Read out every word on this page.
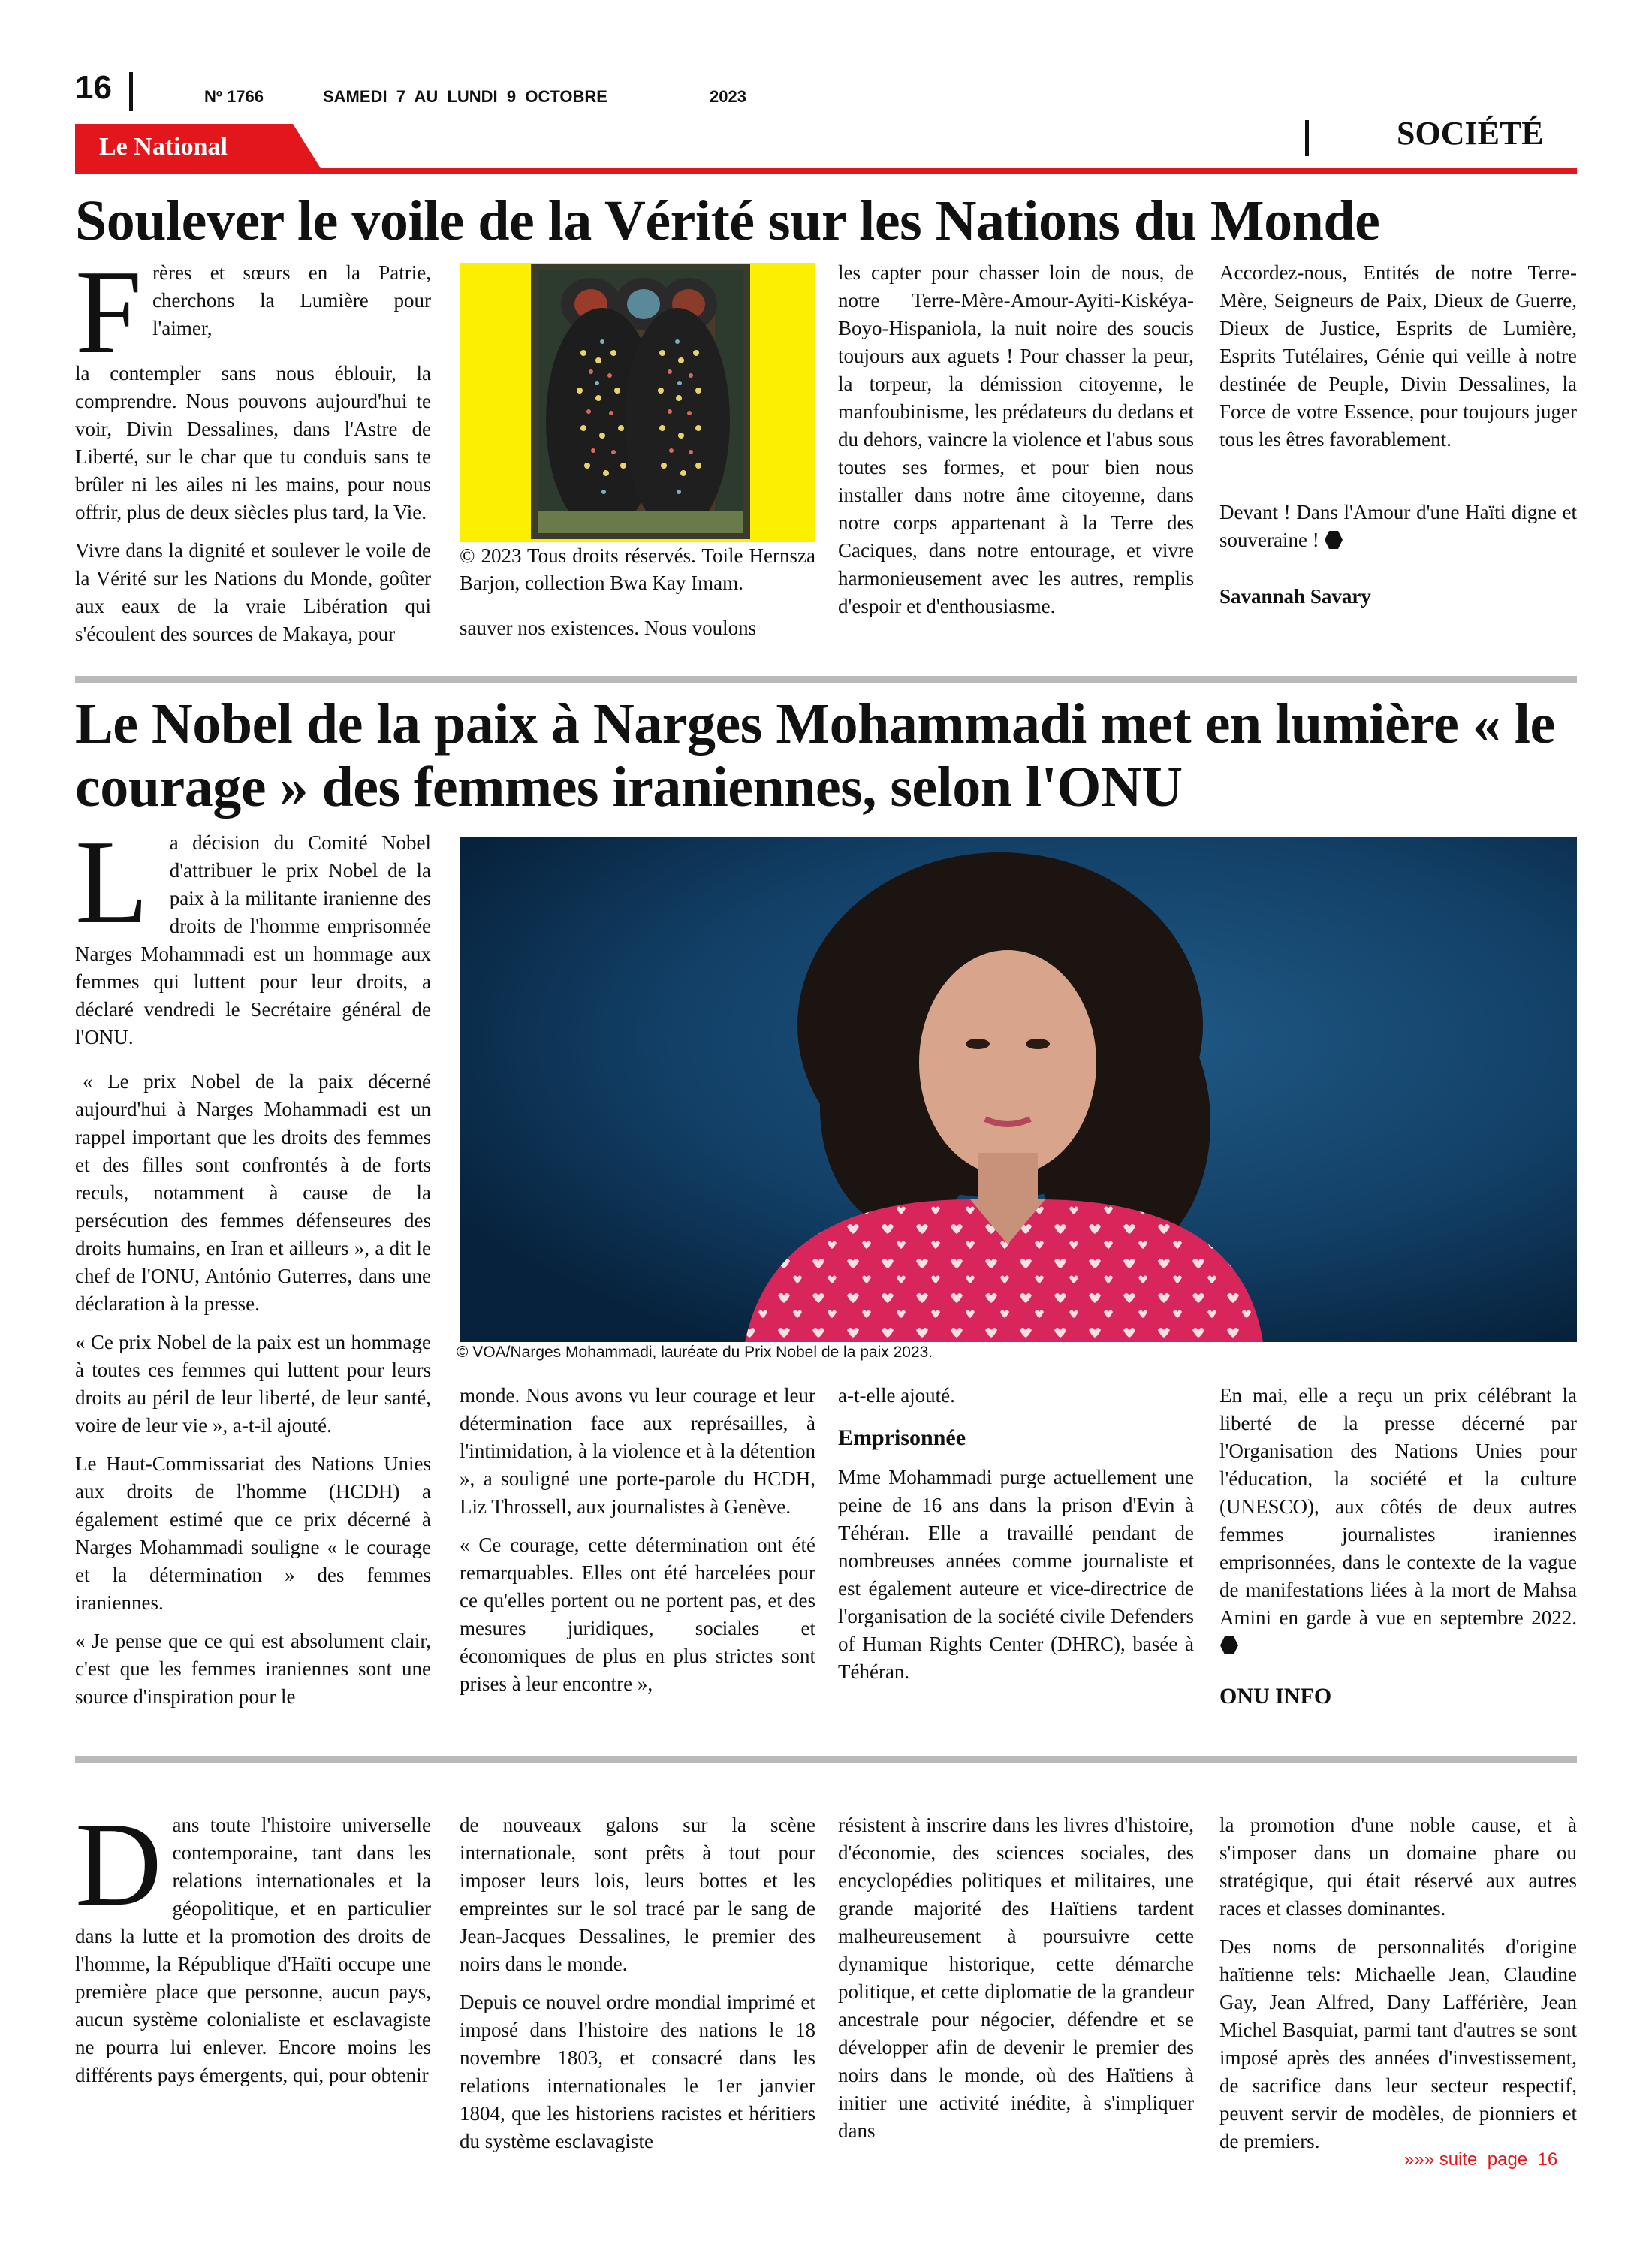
16	Nº 1766	SAMEDI  7  AU  LUNDI  9  OCTOBRE	2023
Le National	SOCIÉTÉ
Soulever le voile de la Vérité sur les Nations du Monde
F rères et sœurs en la Patrie, cherchons la Lumière pour l'aimer,

la contempler sans nous éblouir, la comprendre. Nous pouvons aujourd'hui te voir, Divin Dessalines, dans l'Astre de Liberté, sur le char que tu conduis sans te brûler ni les ailes ni les mains, pour nous offrir, plus de deux siècles plus tard, la Vie.

Vivre dans la dignité et soulever le voile de la Vérité sur les Nations du Monde, goûter aux eaux de la vraie Libération qui s'écoulent des sources de Makaya, pour

© 2023 Tous droits réservés. Toile Hernsza Barjon, collection Bwa Kay Imam.
sauver nos existences. Nous voulons

les capter pour chasser loin de nous, de notre Terre-Mère-Amour-Ayiti-Kiskéya-Boyo-Hispaniola, la nuit noire des soucis toujours aux aguets ! Pour chasser la peur, la torpeur, la démission citoyenne, le manfoubinisme, les prédateurs du dedans et du dehors, vaincre la violence et l'abus sous toutes ses formes, et pour bien nous installer dans notre âme citoyenne, dans notre corps appartenant à la Terre des Caciques, dans notre entourage, et vivre harmonieusement avec les autres, remplis d'espoir et d'enthousiasme.

Accordez-nous, Entités de notre Terre-Mère, Seigneurs de Paix, Dieux de Guerre, Dieux de Justice, Esprits de Lumière, Esprits Tutélaires, Génie qui veille à notre destinée de Peuple, Divin Dessalines, la Force de votre Essence, pour toujours juger tous les êtres favorablement.

Devant ! Dans l'Amour d'une Haïti digne et souveraine !

Savannah Savary

Le Nobel de la paix à Narges Mohammadi met en lumière « le courage » des femmes iraniennes, selon l'ONU
L	a décision du Comité Nobel d'attribuer le prix Nobel de la paix à la militante iranienne des droits de l'homme emprisonnée Narges Mohammadi est un hommage aux femmes qui luttent pour leur droits, a déclaré vendredi le Secrétaire général de l'ONU.

« Le prix Nobel de la paix décerné aujourd'hui à Narges Mohammadi est un rappel important que les droits des femmes et des filles sont confrontés à de forts reculs, notamment à cause de la persécution des femmes défenseures des droits humains, en Iran et ailleurs », a dit le chef de l'ONU, António Guterres, dans une déclaration à la presse.

« Ce prix Nobel de la paix est un hommage à toutes ces femmes qui luttent pour leurs droits au péril de leur liberté, de leur santé, voire de leur vie », a-t-il ajouté.

Le Haut-Commissariat des Nations Unies aux droits de l'homme (HCDH) a également estimé que ce prix décerné à Narges Mohammadi souligne « le courage et la détermination » des femmes iraniennes.

« Je pense que ce qui est absolument clair, c'est que les femmes iraniennes sont une source d'inspiration pour le

© VOA/Narges Mohammadi, lauréate du Prix Nobel de la paix 2023.

monde. Nous avons vu leur courage et leur détermination face aux représailles, à l'intimidation, à la violence et à la détention », a souligné une porte-parole du HCDH, Liz Throssell, aux journalistes à Genève.

« Ce courage, cette détermination ont été remarquables. Elles ont été harcelées pour ce qu'elles portent ou ne portent pas, et des mesures juridiques, sociales et économiques de plus en plus strictes sont prises à leur encontre »,

a-t-elle ajouté.

Emprisonnée

Mme Mohammadi purge actuellement une peine de 16 ans dans la prison d'Evin à Téhéran. Elle a travaillé pendant de nombreuses années comme journaliste et est également auteure et vice-directrice de l'organisation de la société civile Defenders of Human Rights Center (DHRC), basée à Téhéran.

En mai, elle a reçu un prix célébrant la liberté de la presse décerné par l'Organisation des Nations Unies pour l'éducation, la société et la culture (UNESCO), aux côtés de deux autres femmes journalistes iraniennes emprisonnées, dans le contexte de la vague de manifestations liées à la mort de Mahsa Amini en garde à vue en septembre 2022.

ONU INFO
D ans toute l'histoire universelle contemporaine, tant dans les relations internationales et la géopolitique, et en particulier dans la lutte et la promotion des droits de l'homme, la République d'Haïti occupe une première place que personne, aucun pays, aucun système colonialiste et esclavagiste ne pourra lui enlever. Encore moins les différents pays émergents, qui, pour obtenir

de nouveaux galons sur la scène internationale, sont prêts à tout pour imposer leurs lois, leurs bottes et les empreintes sur le sol tracé par le sang de Jean-Jacques Dessalines, le premier des noirs dans le monde.

Depuis ce nouvel ordre mondial imprimé et imposé dans l'histoire des nations le 18 novembre 1803, et consacré dans les relations internationales le 1er janvier 1804, que les historiens racistes et héritiers du système esclavagiste

résistent à inscrire dans les livres d'histoire, d'économie, des sciences sociales, des encyclopédies politiques et militaires, une grande majorité des Haïtiens tardent malheureusement à poursuivre cette dynamique historique, cette démarche politique, et cette diplomatie de la grandeur ancestrale pour négocier, défendre et se développer afin de devenir le premier des noirs dans le monde, où des Haïtiens à initier une activité inédite, à s'impliquer dans

la promotion d'une noble cause, et à s'imposer dans un domaine phare ou stratégique, qui était réservé aux autres races et classes dominantes.

Des noms de personnalités d'origine haïtienne tels: Michaelle Jean, Claudine Gay, Jean Alfred, Dany Lafférière, Jean Michel Basquiat, parmi tant d'autres se sont imposé après des années d'investissement, de sacrifice dans leur secteur respectif, peuvent servir de modèles, de pionniers et de premiers.

»»» suite  page  16
